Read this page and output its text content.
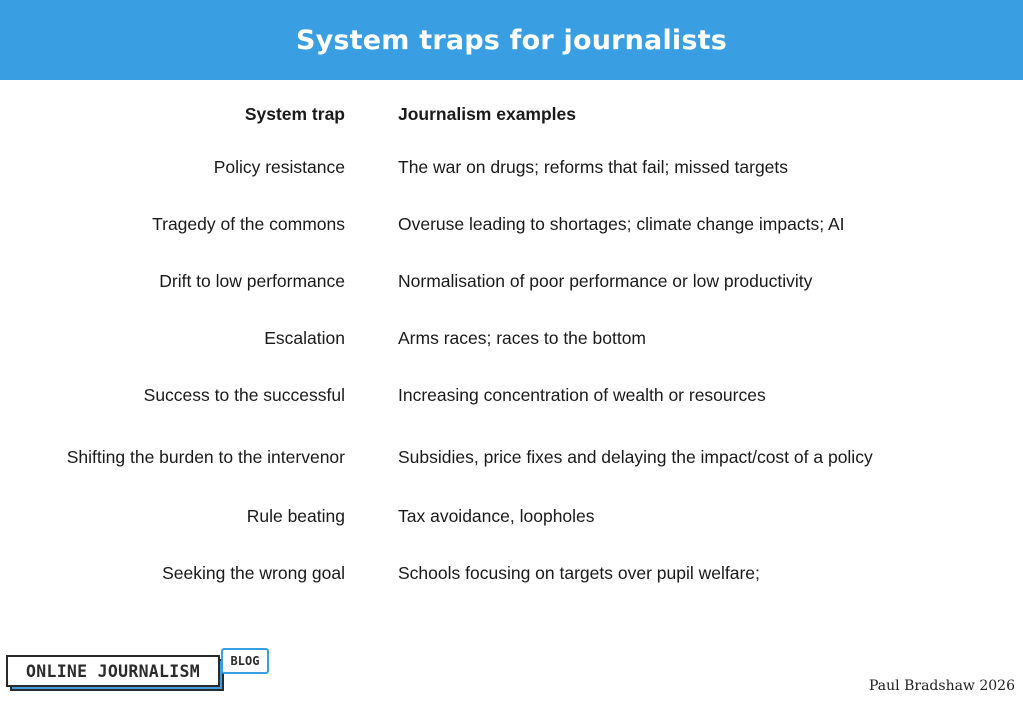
System traps for journalists
System trap	Journalism examples
Policy resistance	The war on drugs; reforms that fail; missed targets
Tragedy of the commons	Overuse leading to shortages; climate change impacts; AI
Drift to low performance	Normalisation of poor performance or low productivity
Escalation	Arms races; races to the bottom
Success to the successful	Increasing concentration of wealth or resources
Shifting the burden to the intervenor	Subsidies, price fixes and delaying the impact/cost of a policy
Rule beating	Tax avoidance, loopholes
Seeking the wrong goal	Schools focusing on targets over pupil welfare;
ONLINE JOURNALISM
BLOG
Paul Bradshaw 2026
